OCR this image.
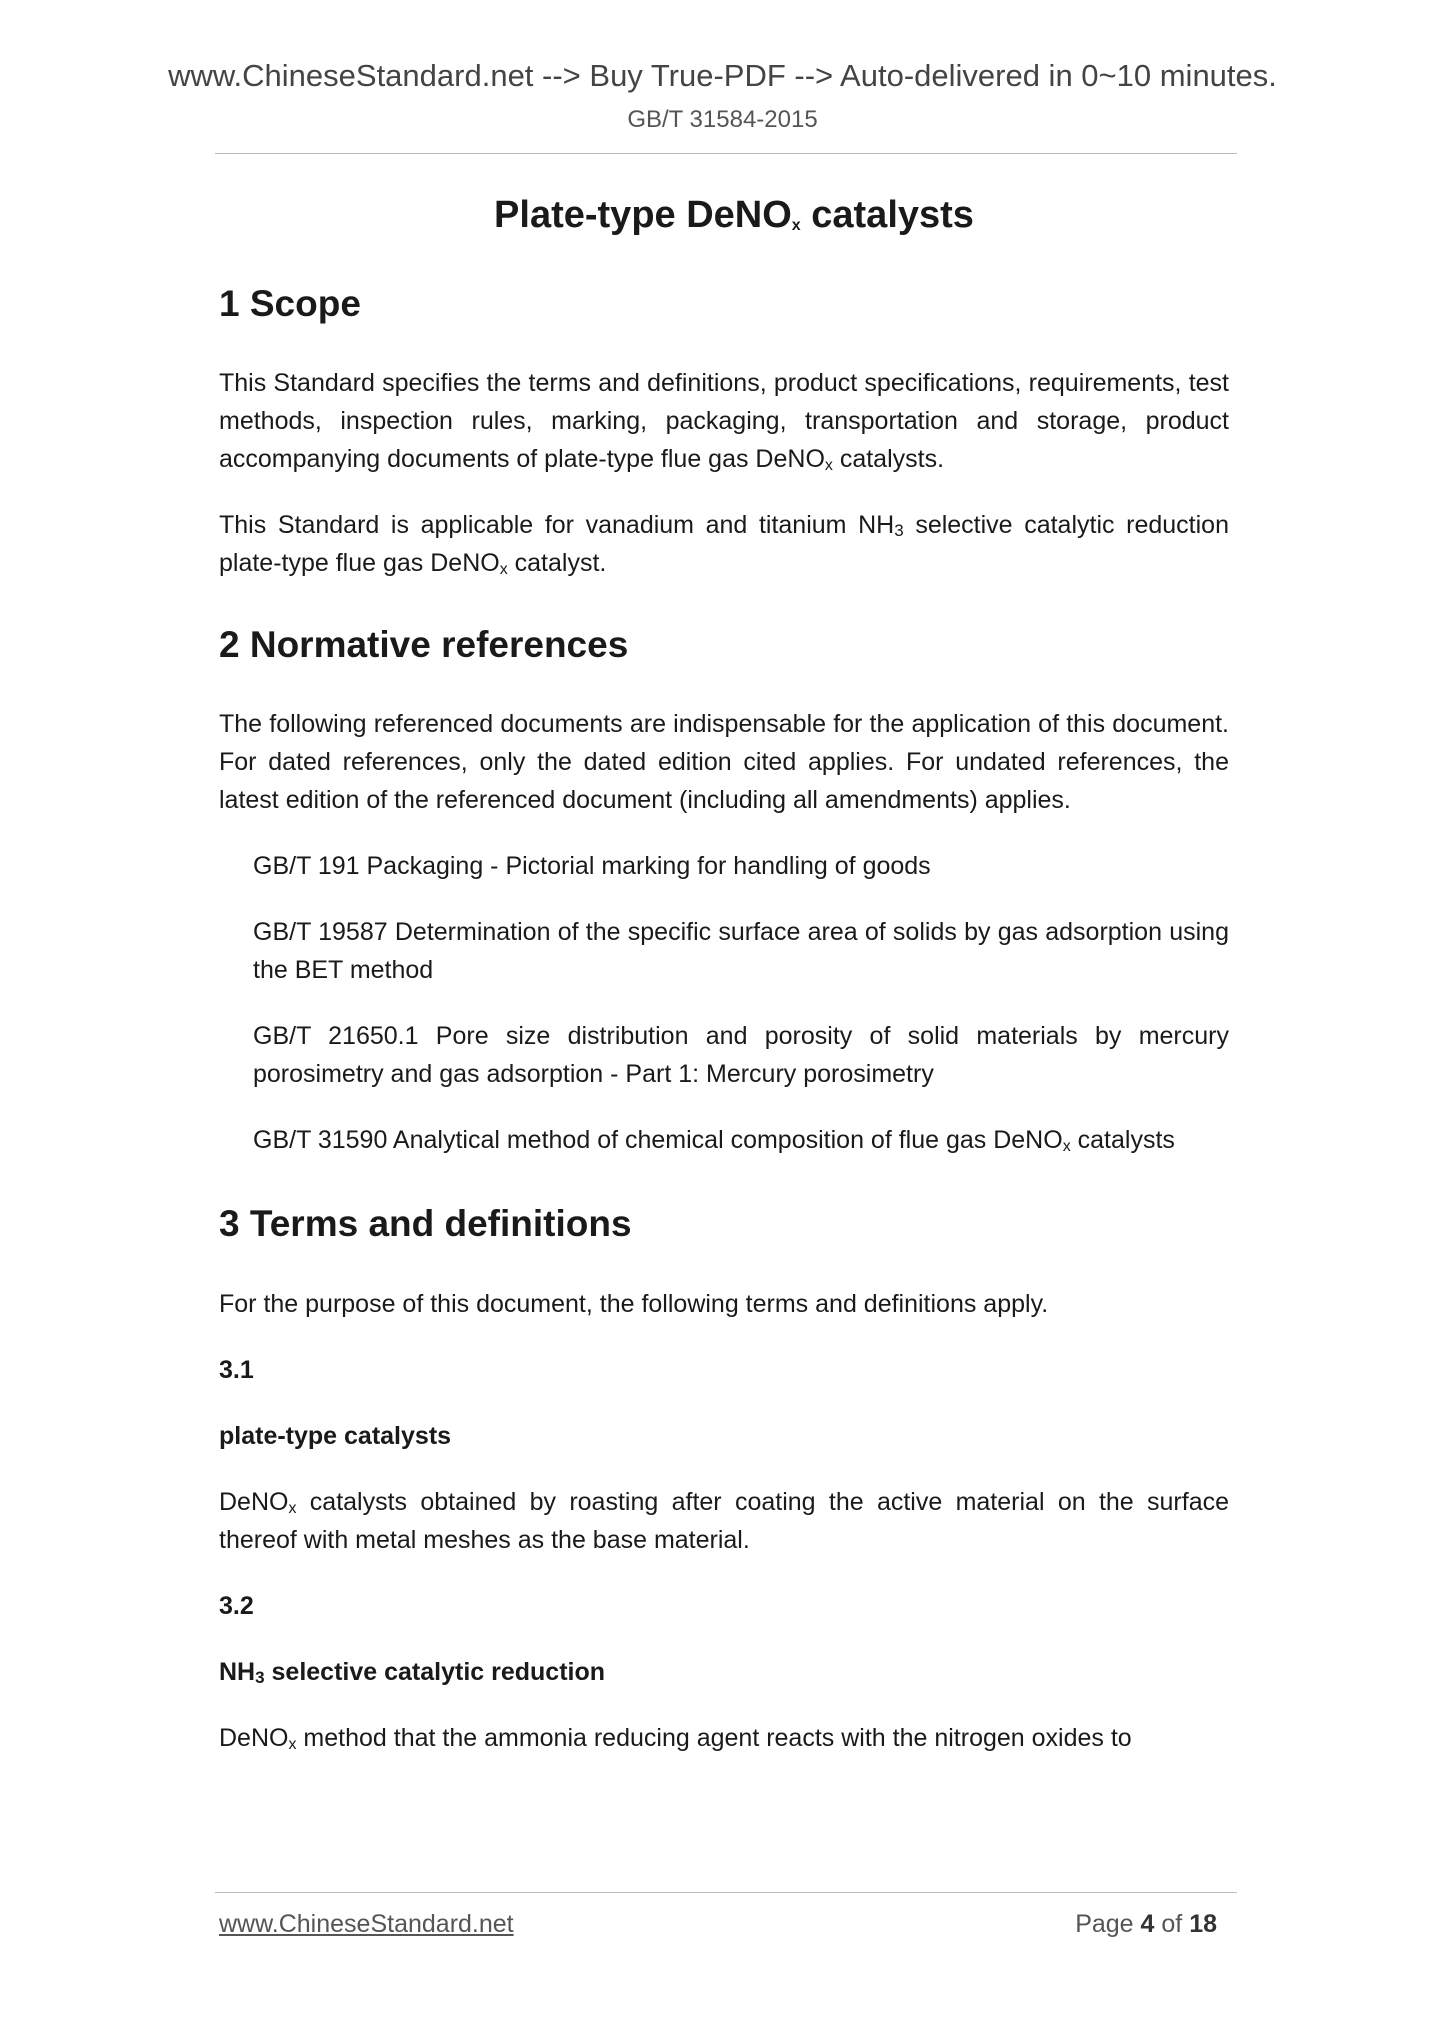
www.ChineseStandard.net --> Buy True-PDF --> Auto-delivered in 0~10 minutes.
GB/T 31584-2015
Plate-type DeNO$_x$ catalysts
1 Scope

This Standard specifies the terms and definitions, product specifications, requirements, test methods, inspection rules, marking, packaging, transportation and storage, product accompanying documents of plate-type flue gas DeNO$_x$ catalysts.

This Standard is applicable for vanadium and titanium $NH_3$ selective catalytic reduction plate-type flue gas DeNO$_x$ catalyst.

2 Normative references

The following referenced documents are indispensable for the application of this document. For dated references, only the dated edition cited applies. For undated references, the latest edition of the referenced document (including all amendments) applies.

GB/T 191 Packaging - Pictorial marking for handling of goods

GB/T 19587 Determination of the specific surface area of solids by gas adsorption using the BET method

GB/T 21650.1 Pore size distribution and porosity of solid materials by mercury porosimetry and gas adsorption - Part 1: Mercury porosimetry

GB/T 31590 Analytical method of chemical composition of flue gas DeNO$_x$ catalysts

3 Terms and definitions

For the purpose of this document, the following terms and definitions apply.

3.1

plate-type catalysts

DeNO$_x$ catalysts obtained by roasting after coating the active material on the surface thereof with metal meshes as the base material.

3.2

$NH_3$ selective catalytic reduction

DeNO$_x$ method that the ammonia reducing agent reacts with the nitrogen oxides to

www.ChineseStandard.net	Page 4 of 18
